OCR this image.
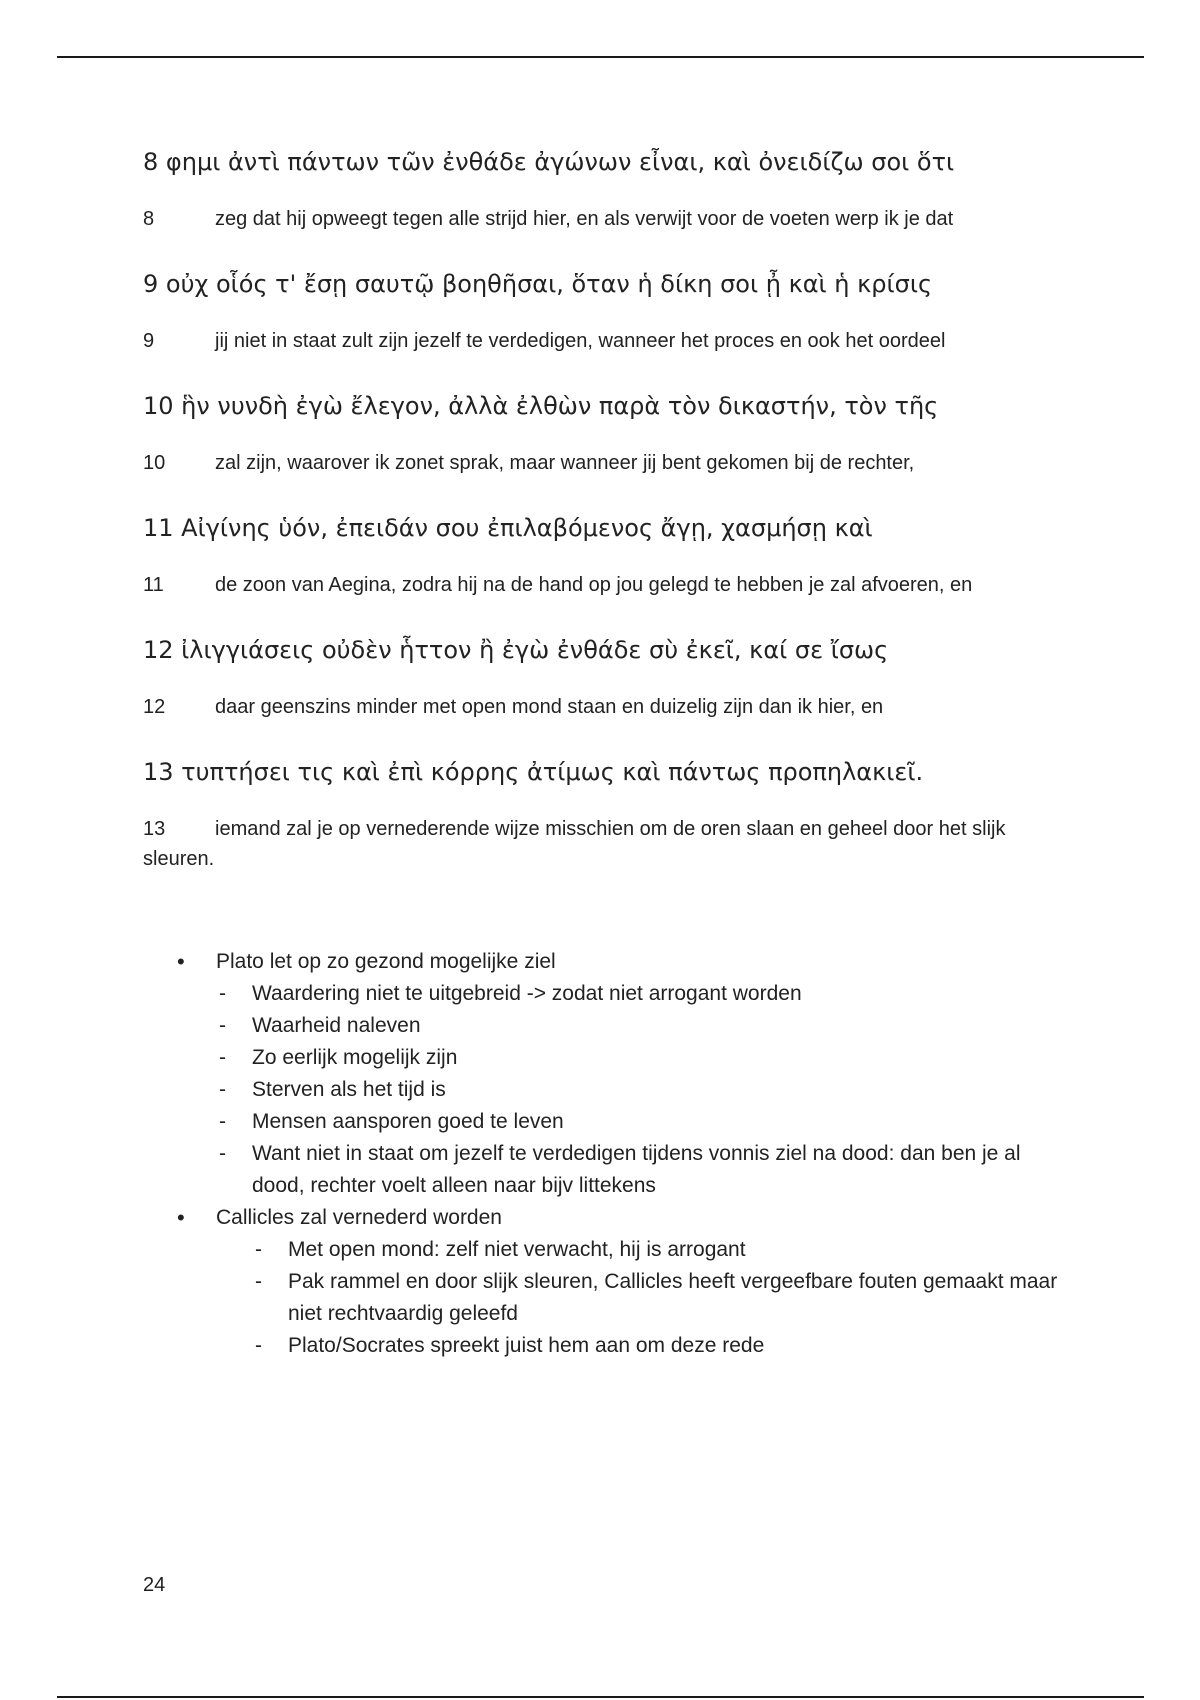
8 φημι ἀντὶ πάντων τῶν ἐνθάδε ἀγώνων εἶναι, καὶ ὀνειδίζω σοι ὅτι

8	zeg dat hij opweegt tegen alle strijd hier, en als verwijt voor de voeten werp ik je dat

9 οὐχ οἷός τ' ἔσῃ σαυτῷ βοηθῆσαι, ὅταν ἡ δίκη σοι ᾖ καὶ ἡ κρίσις

9	jij niet in staat zult zijn jezelf te verdedigen, wanneer het proces en ook het oordeel

10 ἣν νυνδὴ ἐγὼ ἔλεγον, ἀλλὰ ἐλθὼν παρὰ τὸν δικαστήν, τὸν τῆς

10 zal zijn, waarover ik zonet sprak, maar wanneer jij bent gekomen bij de rechter,

11 Αἰγίνης ὑόν, ἐπειδάν σου ἐπιλαβόμενος ἄγῃ, χασμήσῃ καὶ

11	de zoon van Aegina, zodra hij na de hand op jou gelegd te hebben je zal afvoeren, en

12 ἰλιγγιάσεις οὐδὲν ἧττον ἢ ἐγὼ ἐνθάδε σὺ ἐκεῖ, καί σε ἴσως

12 daar geenszins minder met open mond staan en duizelig zijn dan ik hier, en

13 τυπτήσει τις καὶ ἐπὶ κόρρης ἀτίμως καὶ πάντως προπηλακιεῖ.

13 iemand zal je op vernederende wijze misschien om de oren slaan en geheel door het slijk sleuren.

• Plato let op zo gezond mogelijke ziel
- Waardering niet te uitgebreid -> zodat niet arrogant worden
- Waarheid naleven
- Zo eerlijk mogelijk zijn
- Sterven als het tijd is
- Mensen aansporen goed te leven
- Want niet in staat om jezelf te verdedigen tijdens vonnis ziel na dood: dan ben je al dood, rechter voelt alleen naar bijv littekens
• Callicles zal vernederd worden
- Met open mond: zelf niet verwacht, hij is arrogant
- Pak rammel en door slijk sleuren, Callicles heeft vergeefbare fouten gemaakt maar niet rechtvaardig geleefd
- Plato/Socrates spreekt juist hem aan om deze rede
24
